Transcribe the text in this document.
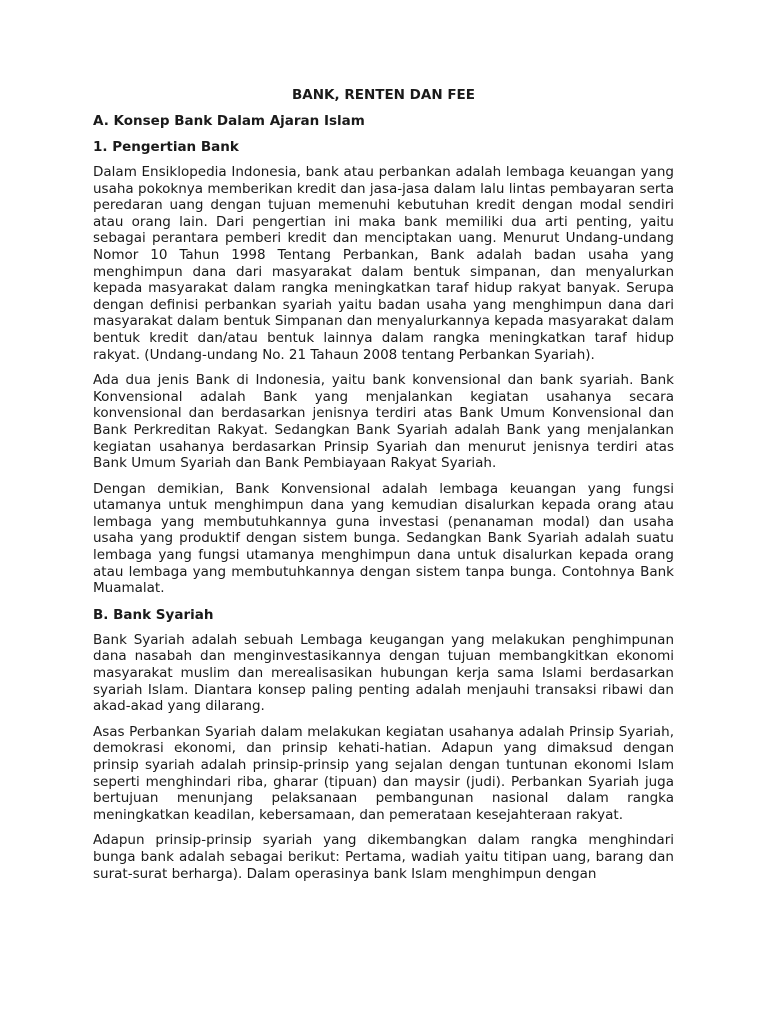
BANK, RENTEN DAN FEE
A. Konsep Bank Dalam Ajaran Islam
1. Pengertian Bank

Dalam Ensiklopedia Indonesia, bank atau perbankan adalah lembaga keuangan yang usaha pokoknya memberikan kredit dan jasa-jasa dalam lalu lintas pembayaran serta peredaran uang dengan tujuan memenuhi kebutuhan kredit dengan modal sendiri atau orang lain. Dari pengertian ini maka bank memiliki dua arti penting, yaitu sebagai perantara pemberi kredit dan menciptakan uang. Menurut Undang-undang Nomor 10 Tahun 1998 Tentang Perbankan, Bank adalah badan usaha yang menghimpun dana dari masyarakat dalam bentuk simpanan, dan menyalurkan kepada masyarakat dalam rangka meningkatkan taraf hidup rakyat banyak. Serupa dengan definisi perbankan syariah yaitu badan usaha yang menghimpun dana dari masyarakat dalam bentuk Simpanan dan menyalurkannya kepada masyarakat dalam bentuk kredit dan/atau bentuk lainnya dalam rangka meningkatkan taraf hidup rakyat. (Undang-undang No. 21 Tahaun 2008 tentang Perbankan Syariah).

Ada dua jenis Bank di Indonesia, yaitu bank konvensional dan bank syariah. Bank Konvensional adalah Bank yang menjalankan kegiatan usahanya secara konvensional dan berdasarkan jenisnya terdiri atas Bank Umum Konvensional dan Bank Perkreditan Rakyat. Sedangkan Bank Syariah adalah Bank yang menjalankan kegiatan usahanya berdasarkan Prinsip Syariah dan menurut jenisnya terdiri atas Bank Umum Syariah dan Bank Pembiayaan Rakyat Syariah.

Dengan demikian, Bank Konvensional adalah lembaga keuangan yang fungsi utamanya untuk menghimpun dana yang kemudian disalurkan kepada orang atau lembaga yang membutuhkannya guna investasi (penanaman modal) dan usaha usaha yang produktif dengan sistem bunga. Sedangkan Bank Syariah adalah suatu lembaga yang fungsi utamanya menghimpun dana untuk disalurkan kepada orang atau lembaga yang membutuhkannya dengan sistem tanpa bunga. Contohnya Bank Muamalat.

B. Bank Syariah

Bank Syariah adalah sebuah Lembaga keugangan yang melakukan penghimpunan dana nasabah dan menginvestasikannya dengan tujuan membangkitkan ekonomi masyarakat muslim dan merealisasikan hubungan kerja sama Islami berdasarkan syariah Islam. Diantara konsep paling penting adalah menjauhi transaksi ribawi dan akad-akad yang dilarang.

Asas Perbankan Syariah dalam melakukan kegiatan usahanya adalah Prinsip Syariah, demokrasi ekonomi, dan prinsip kehati-hatian. Adapun yang dimaksud dengan prinsip syariah adalah prinsip-prinsip yang sejalan dengan tuntunan ekonomi Islam seperti menghindari riba, gharar (tipuan) dan maysir (judi). Perbankan Syariah juga bertujuan menunjang pelaksanaan pembangunan nasional dalam rangka meningkatkan keadilan, kebersamaan, dan pemerataan kesejahteraan rakyat.

Adapun prinsip-prinsip syariah yang dikembangkan dalam rangka menghindari bunga bank adalah sebagai berikut: Pertama, wadiah yaitu titipan uang, barang dan surat-surat berharga). Dalam operasinya bank Islam menghimpun dengan
